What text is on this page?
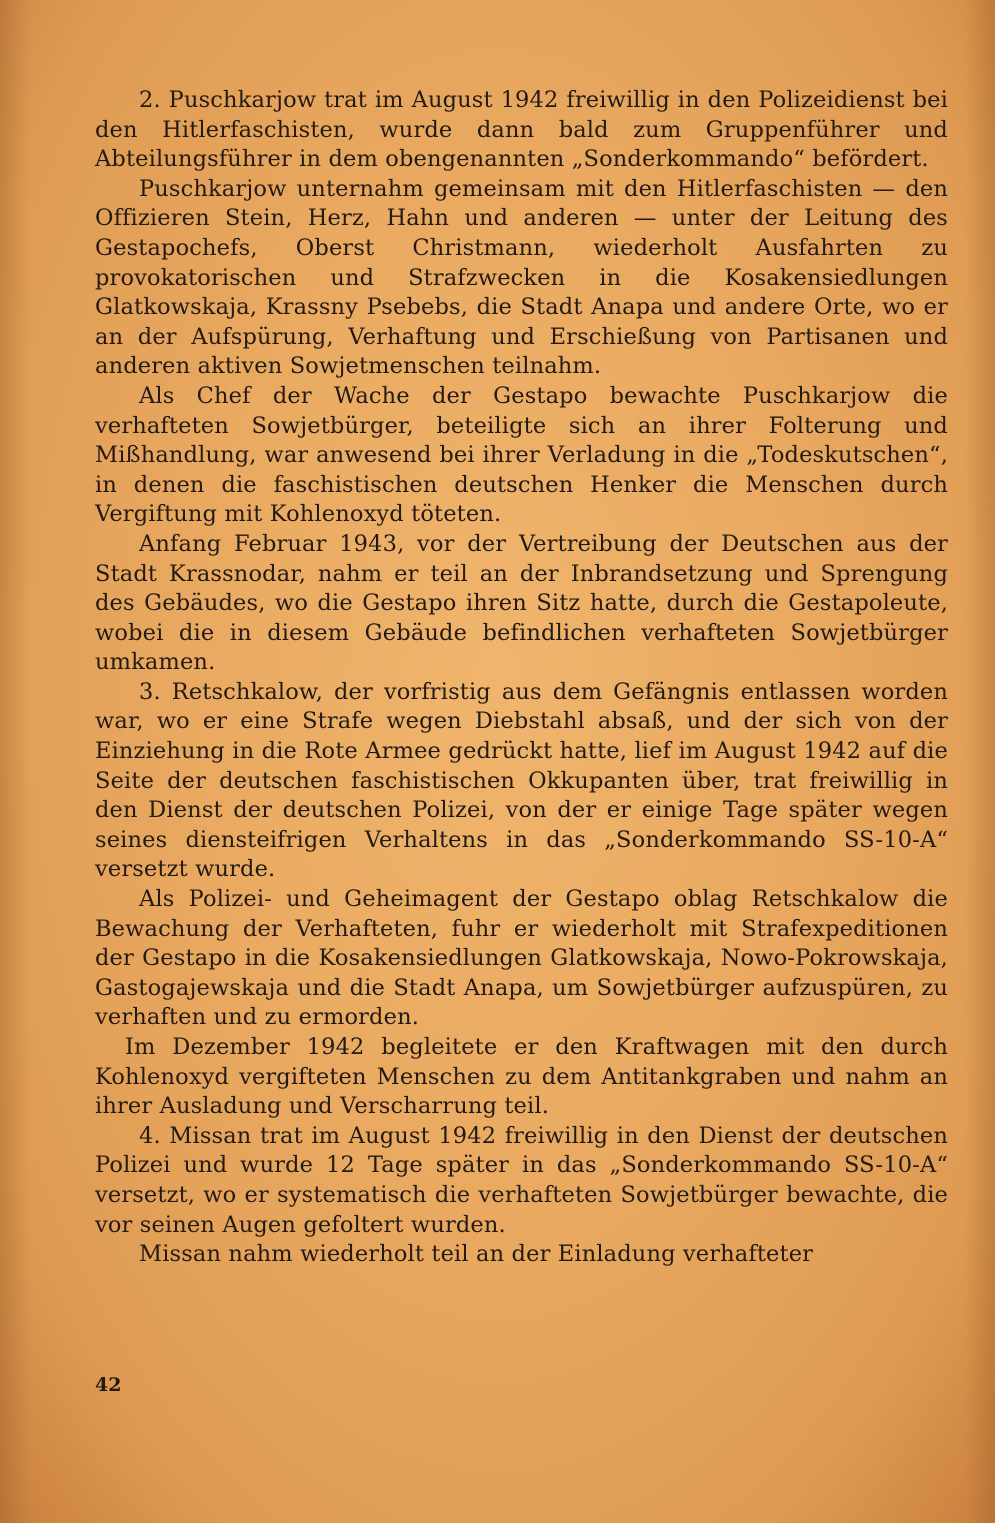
2. Puschkarjow trat im August 1942 freiwillig in den Polizeidienst bei den Hitlerfaschisten, wurde dann bald zum Gruppenführer und Abteilungsführer in dem obengenannten „Sonderkommando“ befördert.

Puschkarjow unternahm gemeinsam mit den Hitlerfaschisten — den Offizieren Stein, Herz, Hahn und anderen — unter der Leitung des Gestapochefs, Oberst Christmann, wiederholt Ausfahrten zu provokatorischen und Strafzwecken in die Kosakensiedlungen Glatkowskaja, Krassny Psebebs, die Stadt Anapa und andere Orte, wo er an der Aufspürung, Verhaftung und Erschießung von Partisanen und anderen aktiven Sowjetmenschen teilnahm.

Als Chef der Wache der Gestapo bewachte Puschkarjow die verhafteten Sowjetbürger, beteiligte sich an ihrer Folterung und Mißhandlung, war anwesend bei ihrer Verladung in die „Todeskutschen“, in denen die faschistischen deutschen Henker die Menschen durch Vergiftung mit Kohlenoxyd töteten.

Anfang Februar 1943, vor der Vertreibung der Deutschen aus der Stadt Krassnodar, nahm er teil an der Inbrandsetzung und Sprengung des Gebäudes, wo die Gestapo ihren Sitz hatte, durch die Gestapoleute, wobei die in diesem Gebäude befindlichen verhafteten Sowjetbürger umkamen.

3. Retschkalow, der vorfristig aus dem Gefängnis entlassen worden war, wo er eine Strafe wegen Diebstahl absaß, und der sich von der Einziehung in die Rote Armee gedrückt hatte, lief im August 1942 auf die Seite der deutschen faschistischen Okkupanten über, trat freiwillig in den Dienst der deutschen Polizei, von der er einige Tage später wegen seines diensteifrigen Verhaltens in das „Sonderkommando SS-10-A“ versetzt wurde.

Als Polizei- und Geheimagent der Gestapo oblag Retschkalow die Bewachung der Verhafteten, fuhr er wiederholt mit Strafexpeditionen der Gestapo in die Kosakensiedlungen Glatkowskaja, Nowo-Pokrowskaja, Gastogajewskaja und die Stadt Anapa, um Sowjetbürger aufzuspüren, zu verhaften und zu ermorden.

Im Dezember 1942 begleitete er den Kraftwagen mit den durch Kohlenoxyd vergifteten Menschen zu dem Antitankgraben und nahm an ihrer Ausladung und Verscharrung teil.

4. Missan trat im August 1942 freiwillig in den Dienst der deutschen Polizei und wurde 12 Tage später in das „Sonderkommando SS-10-A“ versetzt, wo er systematisch die verhafteten Sowjetbürger bewachte, die vor seinen Augen gefoltert wurden.

Missan nahm wiederholt teil an der Einladung verhafteter

42
